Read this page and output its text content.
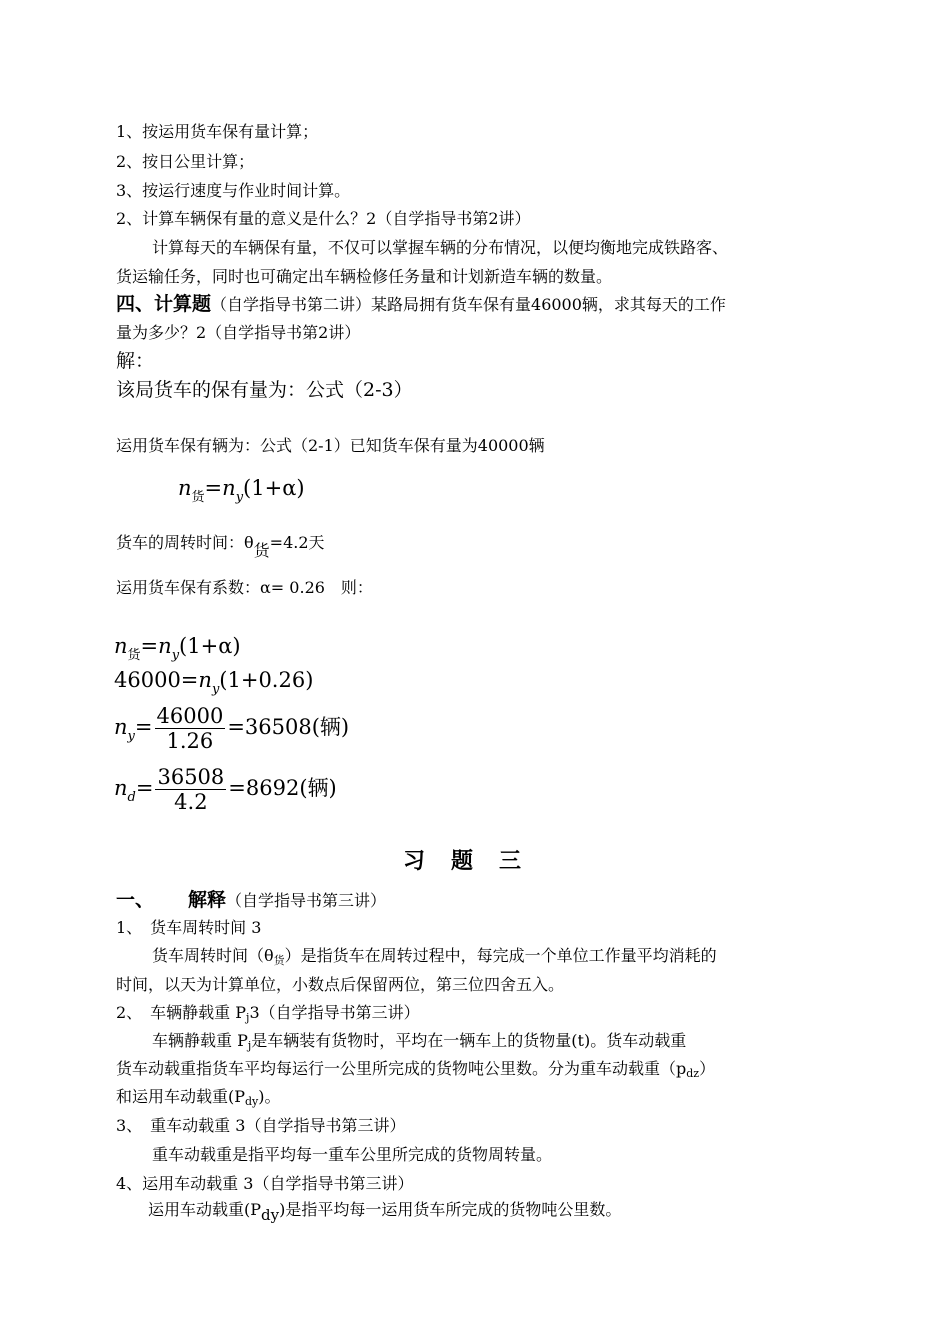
1、按运用货车保有量计算；
2、按日公里计算；
3、按运行速度与作业时间计算。
2、计算车辆保有量的意义是什么？2（自学指导书第2讲）
计算每天的车辆保有量，不仅可以掌握车辆的分布情况，以便均衡地完成铁路客、
货运输任务，同时也可确定出车辆检修任务量和计划新造车辆的数量。
四、计算题（自学指导书第二讲）某路局拥有货车保有量46000辆，求其每天的工作
量为多少？2（自学指导书第2讲）
解：
该局货车的保有量为：公式（2-3）
运用货车保有辆为：公式（2-1）已知货车保有量为40000辆
$n_货=n_y(1+\alpha)$
货车的周转时间：θ货=4.2天
运用货车保有系数：α= 0.26　则：
$n_货=n_y(1+\alpha)$
$46000=n_y(1+0.26)$
$n_y= \frac{46000}{1.26} =36508$(辆)
$n_d= \frac{36508}{4.2} =8692$(辆)
习题三
一、 解释（自学指导书第三讲）
1、　货车周转时间 3
货车周转时间（θ货）是指货车在周转过程中，每完成一个单位工作量平均消耗的
时间，以天为计算单位，小数点后保留两位，第三位四舍五入。
2、　车辆静载重 Pj3（自学指导书第三讲）
车辆静载重 Pj是车辆装有货物时，平均在一辆车上的货物量(t)。货车动载重
货车动载重指货车平均每运行一公里所完成的货物吨公里数。分为重车动载重（pdz）
和运用车动载重(Pdy)。
3、　重车动载重 3（自学指导书第三讲）
重车动载重是指平均每一重车公里所完成的货物周转量。
4、运用车动载重 3（自学指导书第三讲）
运用车动载重(Pdy)是指平均每一运用货车所完成的货物吨公里数。
